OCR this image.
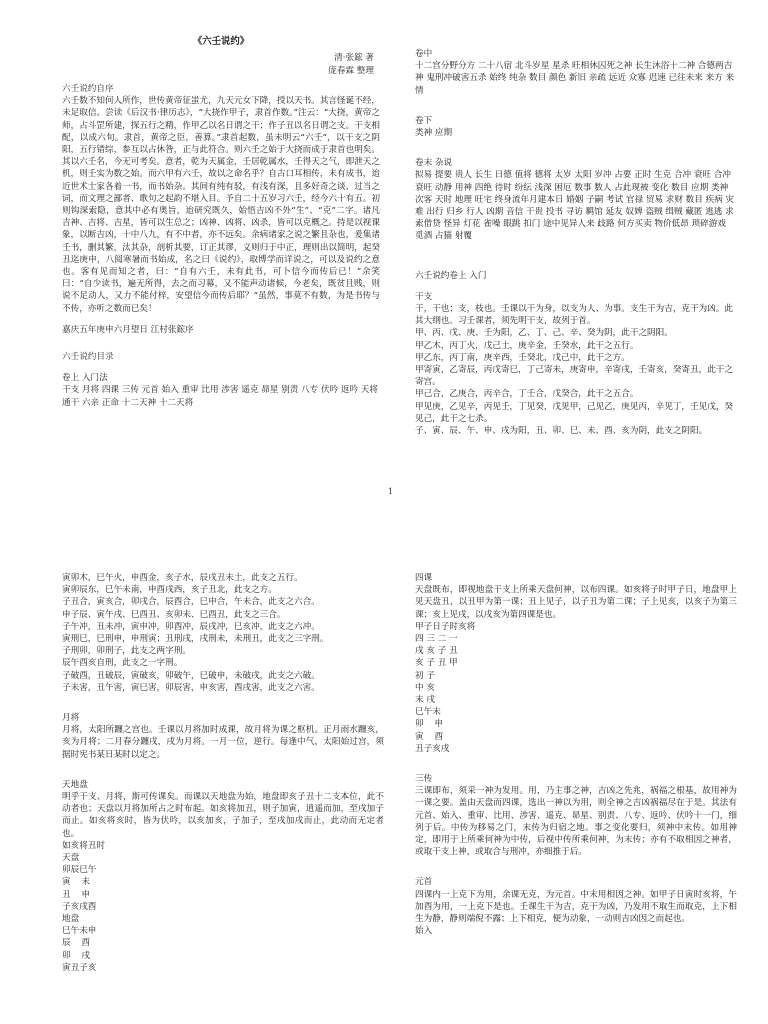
《六壬说约》
清·张鋐 著
庞春霖 整理
六壬说约自序
六壬数不知何人所作，世传黄帝征蚩尤，九天元女下降，授以天书。其言怪诞不经，未足取信。尝读《后汉书·律历志》，“大挠作甲子，隶首作数。”注云：“大挠，黄帝之师，占斗罡所建，探五行之精，作甲乙以名日谓之干；作子丑以名日谓之支。干支相配，以成六旬。隶首，黄帝之臣，善算。”隶首起数，虽未明云“六壬”，以干支之阴阳，五行错综，参互以占休咎，正与此符合。则六壬之始于大挠而成于隶首也明矣。其以六壬名，今无可考矣。意者，乾为天属金，壬居乾属水，壬得天之气，即泄天之机，则壬实为数之始。而六甲有六壬，故以之命名乎？自古口耳相传，未有成书，迨近世术士家各着一书，而书始杂。其间有纯有驳，有浅有深，且多好奇之谈、过当之词，而文理之鄙者、歌句之起韵不堪入目。予自二十五岁习六壬，经今六十有五。初则钩深索隐，意其中必有奥旨，迨研究既久，始悟吉凶不外“生”、“克”二字。诸凡吉神、吉将、吉星，皆可以生总之；凶神、凶将、凶杀，皆可以克概之。持是以视课象，以断吉凶，十中八九，有不中者，亦不远矣。余病诸家之说之繁且杂也，爰集诸壬书，删其繁，汰其杂，剖析其要，订正其谬，义则归于中正，理则出以简明，起癸丑迄庚申，八阅寒暑而书始成，名之曰《说约》，取博学而详说之，可以及说约之意也。客有见而知之者，曰：“自有六壬，未有此书，可卜信今而传后已！”余笑曰：“自少读书，遍无所得，去之而习幕，又不能声动诸候，今老矣，既贫且贱，则说不足动人，又力不能付梓，安望信今而传后耶？”虽然，事莫不有数，为是书传与不传，亦听之数而已矣！
嘉庆五年庚申六月望日 江村张鋐序
六壬说约目录
卷上 入门法
干支 月将 四课 三传 元首 始入 重审 比用 涉害 遥克 昴星 别责 八专 伏吟 返吟 天将 通干 六亲 正命 十二天神 十二天将
卷中
十二宫分野分方 二十八宿 北斗岁星 星杀 旺相休囚死之神 长生沐浴十二神 合德两吉神 鬼刑冲破害五杀 始终 纯杂 数目 颜色 新旧 亲疏 远近 众寡 迟速 已往未来 来方 来情
卷下
类神 应期
卷末 杂说
拟易 提要 贵人 长生 日德 值将 德将 太岁 太阳 岁冲 占要 正时 生克 合冲 衰旺 合冲 衰旺 动静 用神 四绝 待时 纷纭 浅深 困厄 数事 数人 占此现被 变化 数目 应期 类神 次客 天时 地理 旺宅 终身流年月建本日 婚姻 子嗣 考试 官禄 贸易 求财 数目 疾病 灾难 出行 归乡 行人 凶期 音信 干贵 投书 寻访 羁馆 延友 奴婢 盗贼 缉贼 藏匿 逃逃 求索借贷 怪异 灯花 雀噪 眼跳 扣门 途中见异人来 歧路 何方买卖 物价低昂 琐碎游戏 觅酒 占猫 射覆
六壬说约卷上 入门
干支
干，干也；支，枝也。壬课以干为身，以支为人、为事。支生干为吉，克干为凶。此其大纲也。习壬课者，须先明干支，故列于首。
甲、丙、戊、庚、壬为阳，乙、丁、己、辛、癸为阴，此干之阴阳。
甲乙木，丙丁火，戊己土，庚辛金，壬癸水，此干之五行。
甲乙东，丙丁南，庚辛西，壬癸北，戊己中，此干之方。
甲寄寅，乙寄辰，丙戊寄巳，丁己寄未，庚寄申，辛寄戌，壬寄亥，癸寄丑，此干之寄宫。
甲己合，乙庚合，丙辛合，丁壬合，戊癸合，此干之五合。
甲见庚，乙见辛，丙见壬，丁见癸，戊见甲，己见乙，庚见丙，辛见丁，壬见戊，癸见己，此干之七杀。
子、寅、辰、午、申、戌为阳，丑、卯、巳、未、酉、亥为阴，此支之阴阳。
1
寅卯木，巳午火，申酉金，亥子水，辰戌丑未土，此支之五行。
寅卯辰东，巳午未南，申酉戌西，亥子丑北，此支之方。
子丑合，寅亥合，卯戌合，辰酉合，巳申合，午未合，此支之六合。
申子辰、寅午戌、巳酉丑、亥卯未、巳酉丑，此支之三合。
子午冲，丑未冲，寅申冲，卯酉冲，辰戌冲，巳亥冲，此支之六冲。
寅刑巳，巳刑申，申刑寅；丑刑戌，戌刑未，未刑丑，此支之三字刑。
子刑卯，卯刑子，此支之两字刑。
辰午酉亥自刑，此支之一字刑。
子破酉，丑破辰，寅破亥，卯破午，巳破申，未破戌，此支之六破。
子未害，丑午害，寅巳害，卯辰害，申亥害，酉戌害，此支之六害。
月将
月将，太阳所躔之宫也。壬课以月将加时成课，故月将为课之枢机。正月雨水躔亥，亥为月将；二月春分躔戌，戌为月将。一月一位，逆行。每逢中气，太阳始过宫，须据时宪书某日某时以定之。
天地盘
明乎干支、月将，斯可传课矣。而课以天地盘为始，地盘即亥子丑十二支本位，此不动者也；天盘以月将加所占之时布起。如亥将加丑，则子加寅，逍遥而加，至戌加子而止。如亥将亥时，皆为伏吟，以亥加亥，子加子，至戌加戌而止，此动而无定者也。
如亥将丑时
天盘
卯辰巳午
寅    未
丑    申
子亥戌酉
地盘
巳午未申
辰    酉
卯    戌
寅丑子亥
四课
天盘既布，即视地盘干支上所乘天盘何神，以布四课。如亥将子时甲子日，地盘甲上见天盘丑，以丑甲为第一课；丑上见子，以子丑为第二课；子上见亥，以亥子为第三课；亥上见戌，以戌亥为第四课是也。
甲子日子时亥将
四 三 二 一
戌 亥 子 丑
亥 子 丑 甲
初 子
中 亥
末 戌
巳午未
卯    申
寅    酉
丑子亥戌
三传
三课即布，须采一神为发用。用，乃主事之神，吉凶之先兆，祸福之根基，故用神为一课之要。盖由天盘而四课，选出一神以为用，则全神之吉凶祸福尽在于是。其法有元首、始入、重审、比用、涉害、遥克、昴星、别责、八专、返吟、伏吟十一门，细列于后。中传为移易之门，末传为归宿之地。事之变化要归，须神中末传。如用神定，即用于上所乘何神为中传，后视中传所乘何神，为末传；亦有不取相因之神者，或取干支上神，或取合与刑冲，亦细推于后。
元首
四课内一上克下为用，余课无克，为元首。中末用相因之神。如甲子日寅时亥将，午加酉为用，一上克下是也。壬课生干为吉，克干为凶，乃发用不取生而取克，上下相生为静，静则端倪不露；上下相克，便为动象，一动则吉凶因之而起也。
始入
